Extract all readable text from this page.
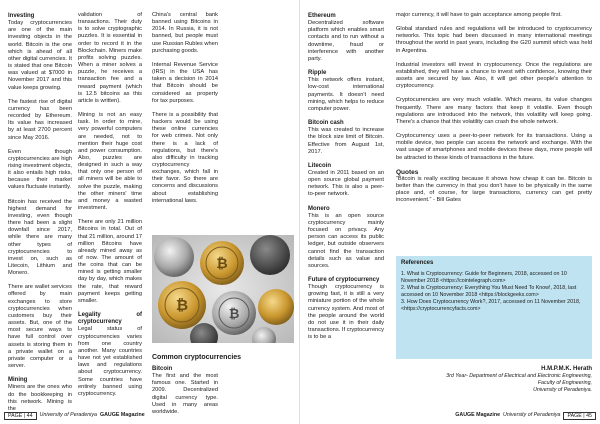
Investing

Today cryptocurrencies are one of the main investing objects in the world. Bitcoin is the one which is ahead of all other digital currencies. It is stated that one Bitcoin was valued at $7000 in November 2017 and this value keeps growing.

The fastest rise of digital currency has been recorded by Ethereum. Its value has increased by at least 2700 percent since May 2016.

Even though cryptocurrencies are high rising investment objects, it also entails high risks, because their market values fluctuate instantly.

Bitcoin has received the highest demand for investing, even though there had been a slight downfall since 2017, while there are many other types of cryptocurrencies to invest on, such as Litecoin, Lithium and Monero.

There are wallet services offered by main exchanges to store cryptocurrencies when customers buy their assets. But, one of the most secure ways to have full control over assets is storing them in a private wallet on a private computer or a server.

Mining

Miners are the ones who do the bookkeeping in this network. Mining is the

validation of transactions. Their duty is to solve cryptographic puzzles. It is essential in order to record it in the Blockchain. Miners make profits solving puzzles. When a miner solves a puzzle, he receives a transaction fee and a reward payment (which is 12.5 bitcoins as this article is written).

Mining is not an easy task. In order to mine, very powerful computers are needed, not to mention their huge cost and power consumption. Also, puzzles are designed in such a way that only one person of all miners will be able to solve the puzzle, making the other miners' time and money a wasted investment.

There are only 21 million Bitcoins in total. Out of that 21 million, around 17 million Bitcoins have already mined away as of now. The amount of the coins that can be mined is getting smaller day by day, which makes the rate, that reward payment keeps getting smaller.

Legality of cryptocurrency

Legal status of cryptocurrencies varies from one country another. Many countries have not yet established laws and regulations about cryptocurrency. Some countries have entirely banned using cryptocurrency.

China's central bank banned using Bitcoins in 2014. In Russia, it is not banned, but people must use Russian Rubles when purchasing goods.

Internal Revenue Service (IRS) in the USA has taken a decision in 2014 that Bitcoin should be considered as property for tax purposes.

There is a possibility that hackers would be using these online currencies for web crimes. Not only there is a lack of regulations, but there's also difficulty in tracking cryptocurrency exchanges, which fall in their favor. So there are concerns and discussions about establishing international laws.

₿
₿
₿
Common cryptocurrencies
Bitcoin

The first and the most famous one. Started in 2009. Decentralized digital currency type. Used in many areas worldwide.

PAGE | 44	University of Peradeniya GAUGE Magazine	GAUGE Magazine University of Peradeniya	PAGE | 45
Ethereum

Decentralized software platform which enables smart contacts and to run without a downtime, fraud or interference with another party.

Ripple

This network offers instant, low-cost international payments. It doesn't need mining, which helps to reduce computer power.

Bitcoin cash

This was created to increase the block size limit of Bitcoin. Effective from August 1st, 2017.

Litecoin

Created in 2011 based on an open source global payment network. This is also a peer-to-peer network.

Monero

This is an open source cryptocurrency mainly focused on privacy. Any person can access its public ledger, but outside observers cannot find the transaction details such as value and sources.

Future of cryptocurrency

Though cryptocurrency is growing fast, it is still a very miniature portion of the whole currency system. And most of the people around the world do not use it in their daily transactions. If cryptocurrency is to be a

major currency, it will have to gain acceptance among people first.

Global standard rules and regulations will be introduced to cryptocurrency networks. This topic had been discussed in many international meetings throughout the world in past years, including the G20 summit which was held in Argentina.

Industrial investors will invest in cryptocurrency. Once the regulations are established, they will have a chance to invest with confidence, knowing their assets are secured by law. Also, it will get other people's attention to cryptocurrency.

Cryptocurrencies are very much volatile. Which means, its value changes frequently. There are many factors that keep it volatile. Even though regulations are introduced into the network, this volatility will keep going. There's a chance that this volatility can crash the whole network.

Cryptocurrency uses a peer-to-peer network for its transactions. Using a mobile device, two people can access the network and exchange. With the vast usage of smartphones and mobile devices these days, more people will be attracted to these kinds of transactions in the future.

Quotes

“Bitcoin is really exciting because it shows how cheap it can be. Bitcoin is better than the currency in that you don't have to be physically in the same place and, of course, for large transactions, currency can get pretty inconvenient.” - Bill Gates

References
1. What is Cryptocurrency: Guide for Beginners, 2018, accessed on 10 November 2018 <https://cointelegraph.com>
2. What is Cryptocurrency: Everything You Must Need To Know!, 2018, last accessed on 10 November 2018 <https://blockgeeks.com>
3. How Does Cryptocurrency Work?, 2017, accessed on 11 November 2018, <https://cryptocurrencyfacts.com>
H.M.P.M.K. Herath
3rd Year- Department of Electrical and Electronic Engineering,
Faculty of Engineering,
University of Peradeniya.
